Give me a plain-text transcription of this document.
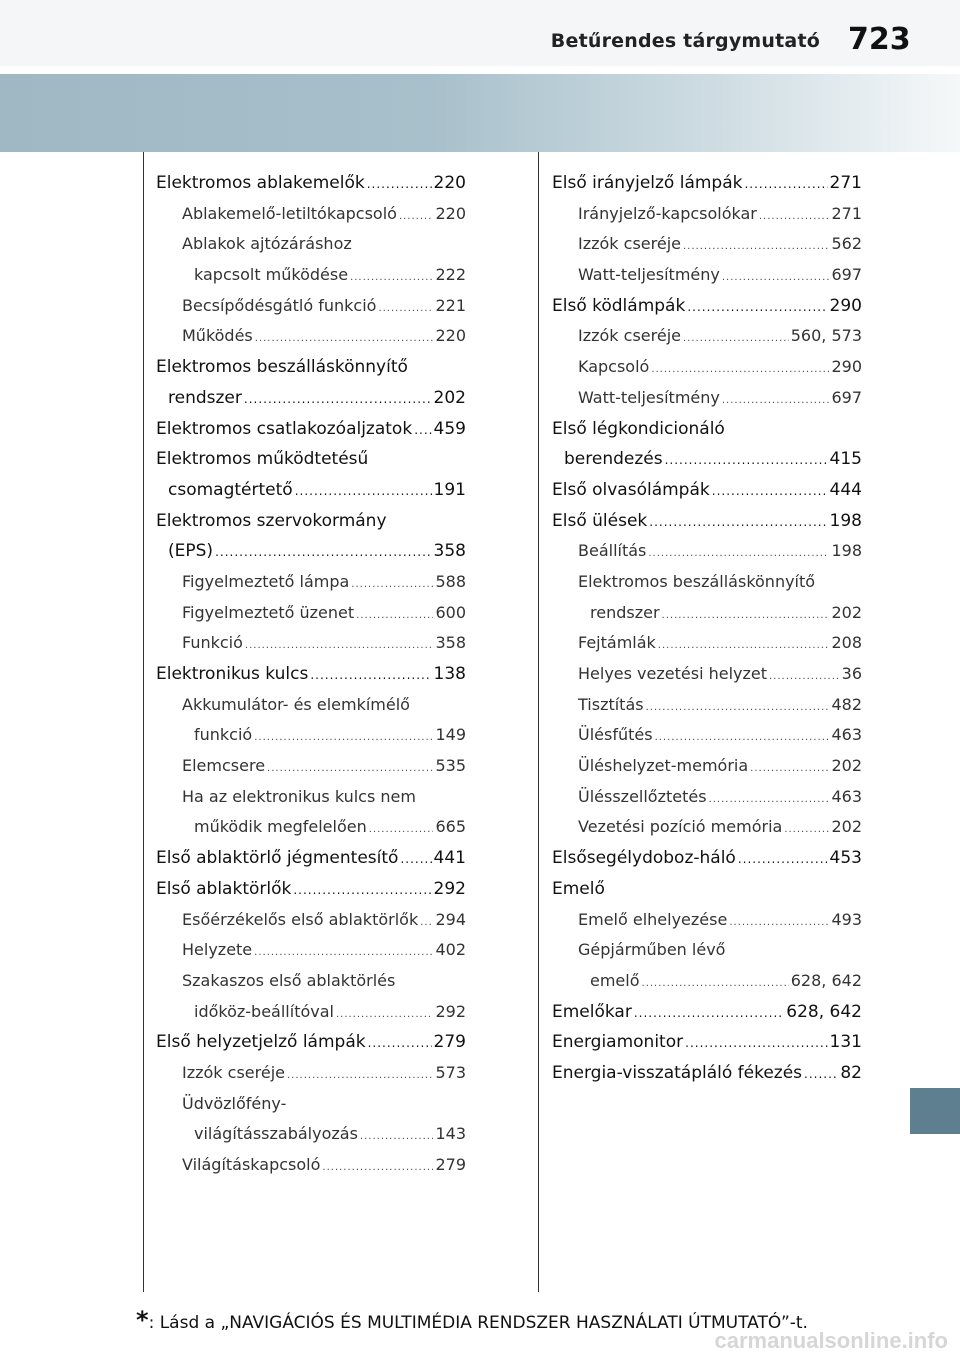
Betűrendes tárgymutató 723
Elektromos ablakemelők .....	220
Ablakemelő-letiltókapcsoló ..... 220
Ablakok ajtózáráshoz
kapcsolt működése .....	222
Becsípődésgátló funkció .....	221
Működés .....	220
Elektromos beszálláskönnyítő
rendszer .....	202
Elektromos csatlakozóaljzatok ..... 459
Elektromos működtetésű
csomagtértető .....	191
Elektromos szervokormány
(EPS) .....	358
Figyelmeztető lámpa .....	588
Figyelmeztető üzenet .....	600
Funkció .....	358
Elektronikus kulcs .....	138
Akkumulátor- és elemkímélő
funkció .....	149
Elemcsere .....	535
Ha az elektronikus kulcs nem
működik megfelelően .....	665
Első ablaktörlő jégmentesítő ..... 441
Első ablaktörlők .....	292
Esőérzékelős első ablaktörlők ..... 294
Helyzete .....	402
Szakaszos első ablaktörlés
időköz-beállítóval .....	292
Első helyzetjelző lámpák .....	279
Izzók cseréje .....	573
Üdvözlőfény-
világításszabályozás .....	143
Világításkapcsoló .....	279
Első irányjelző lámpák .....	271
Irányjelző-kapcsolókar .....	271
Izzók cseréje .....	562
Watt-teljesítmény .....	697
Első ködlámpák .....	290
Izzók cseréje .....	560, 573
Kapcsoló .....	290
Watt-teljesítmény .....	697
Első légkondicionáló
berendezés .....	415
Első olvasólámpák .....	444
Első ülések .....	198
Beállítás .....	198
Elektromos beszálláskönnyítő
rendszer .....	202
Fejtámlák .....	208
Helyes vezetési helyzet .....	36
Tisztítás .....	482
Ülésfűtés .....	463
Üléshelyzet-memória .....	202
Ülésszellőztetés .....	463
Vezetési pozíció memória .....	202
Elsősegélydoboz-háló .....	453
Emelő
Emelő elhelyezése .....	493
Gépjárműben lévő
emelő .....	628, 642
Emelőkar .....	628, 642
Energiamonitor .....	131
Energia-visszatápláló fékezés ..... 82
*: Lásd a „NAVIGÁCIÓS ÉS MULTIMÉDIA RENDSZER HASZNÁLATI ÚTMUTATÓ”-t.
carmanualsonline.info
